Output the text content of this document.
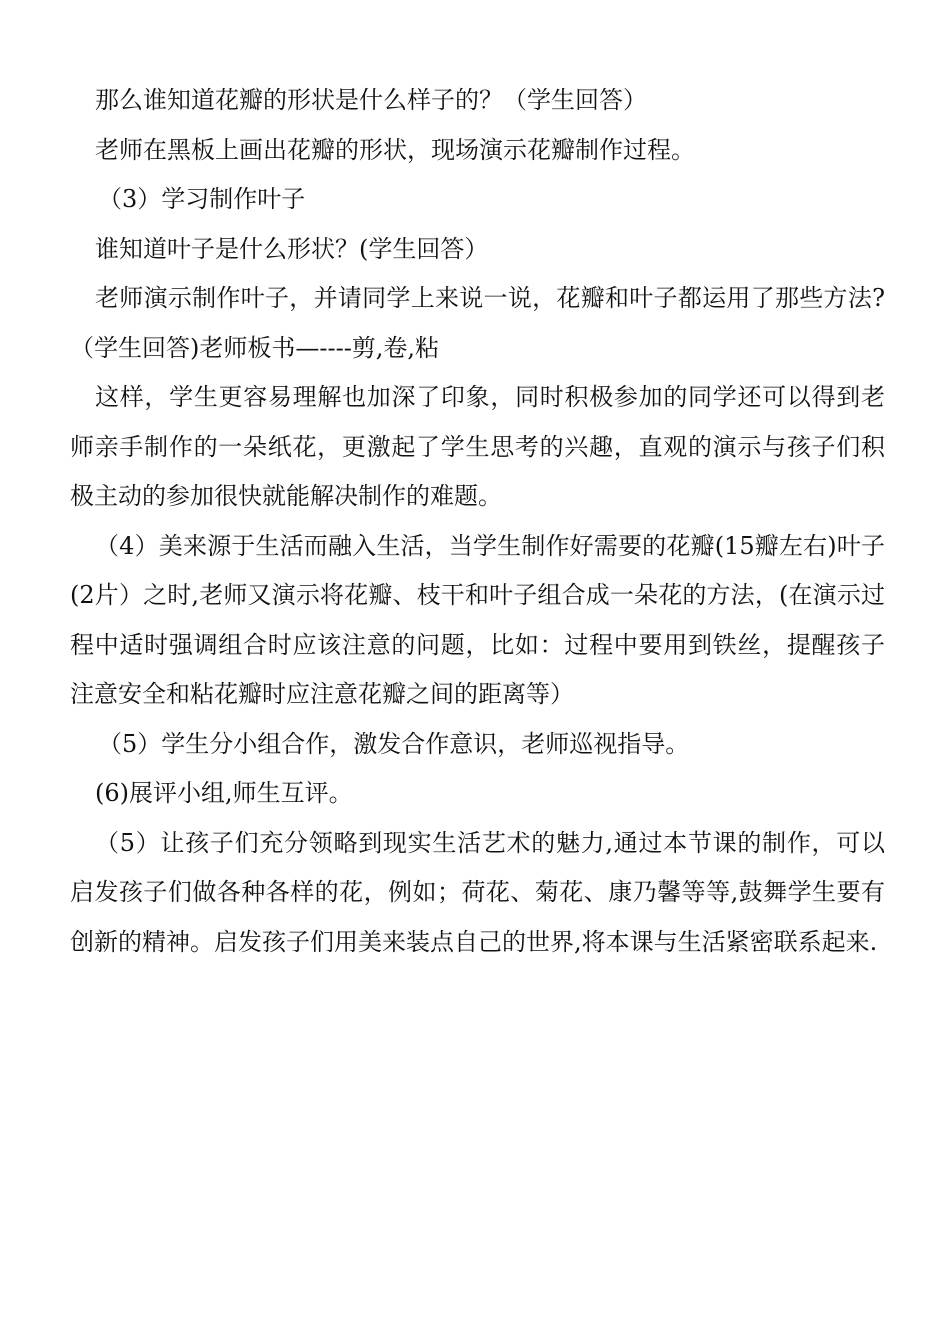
那么谁知道花瓣的形状是什么样子的？（学生回答）

老师在黑板上画出花瓣的形状，现场演示花瓣制作过程。

（3）学习制作叶子

谁知道叶子是什么形状？(学生回答）

老师演示制作叶子，并请同学上来说一说，花瓣和叶子都运用了那些方法?（学生回答)老师板书—----剪,卷,粘

这样，学生更容易理解也加深了印象，同时积极参加的同学还可以得到老师亲手制作的一朵纸花，更激起了学生思考的兴趣，直观的演示与孩子们积极主动的参加很快就能解决制作的难题。

（4）美来源于生活而融入生活，当学生制作好需要的花瓣(15瓣左右)叶子(2片）之时,老师又演示将花瓣、枝干和叶子组合成一朵花的方法，(在演示过程中适时强调组合时应该注意的问题，比如：过程中要用到铁丝，提醒孩子注意安全和粘花瓣时应注意花瓣之间的距离等）

（5）学生分小组合作，激发合作意识，老师巡视指导。

(6)展评小组,师生互评。

（5）让孩子们充分领略到现实生活艺术的魅力,通过本节课的制作，可以启发孩子们做各种各样的花，例如；荷花、菊花、康乃馨等等,鼓舞学生要有创新的精神。启发孩子们用美来装点自己的世界,将本课与生活紧密联系起来.
